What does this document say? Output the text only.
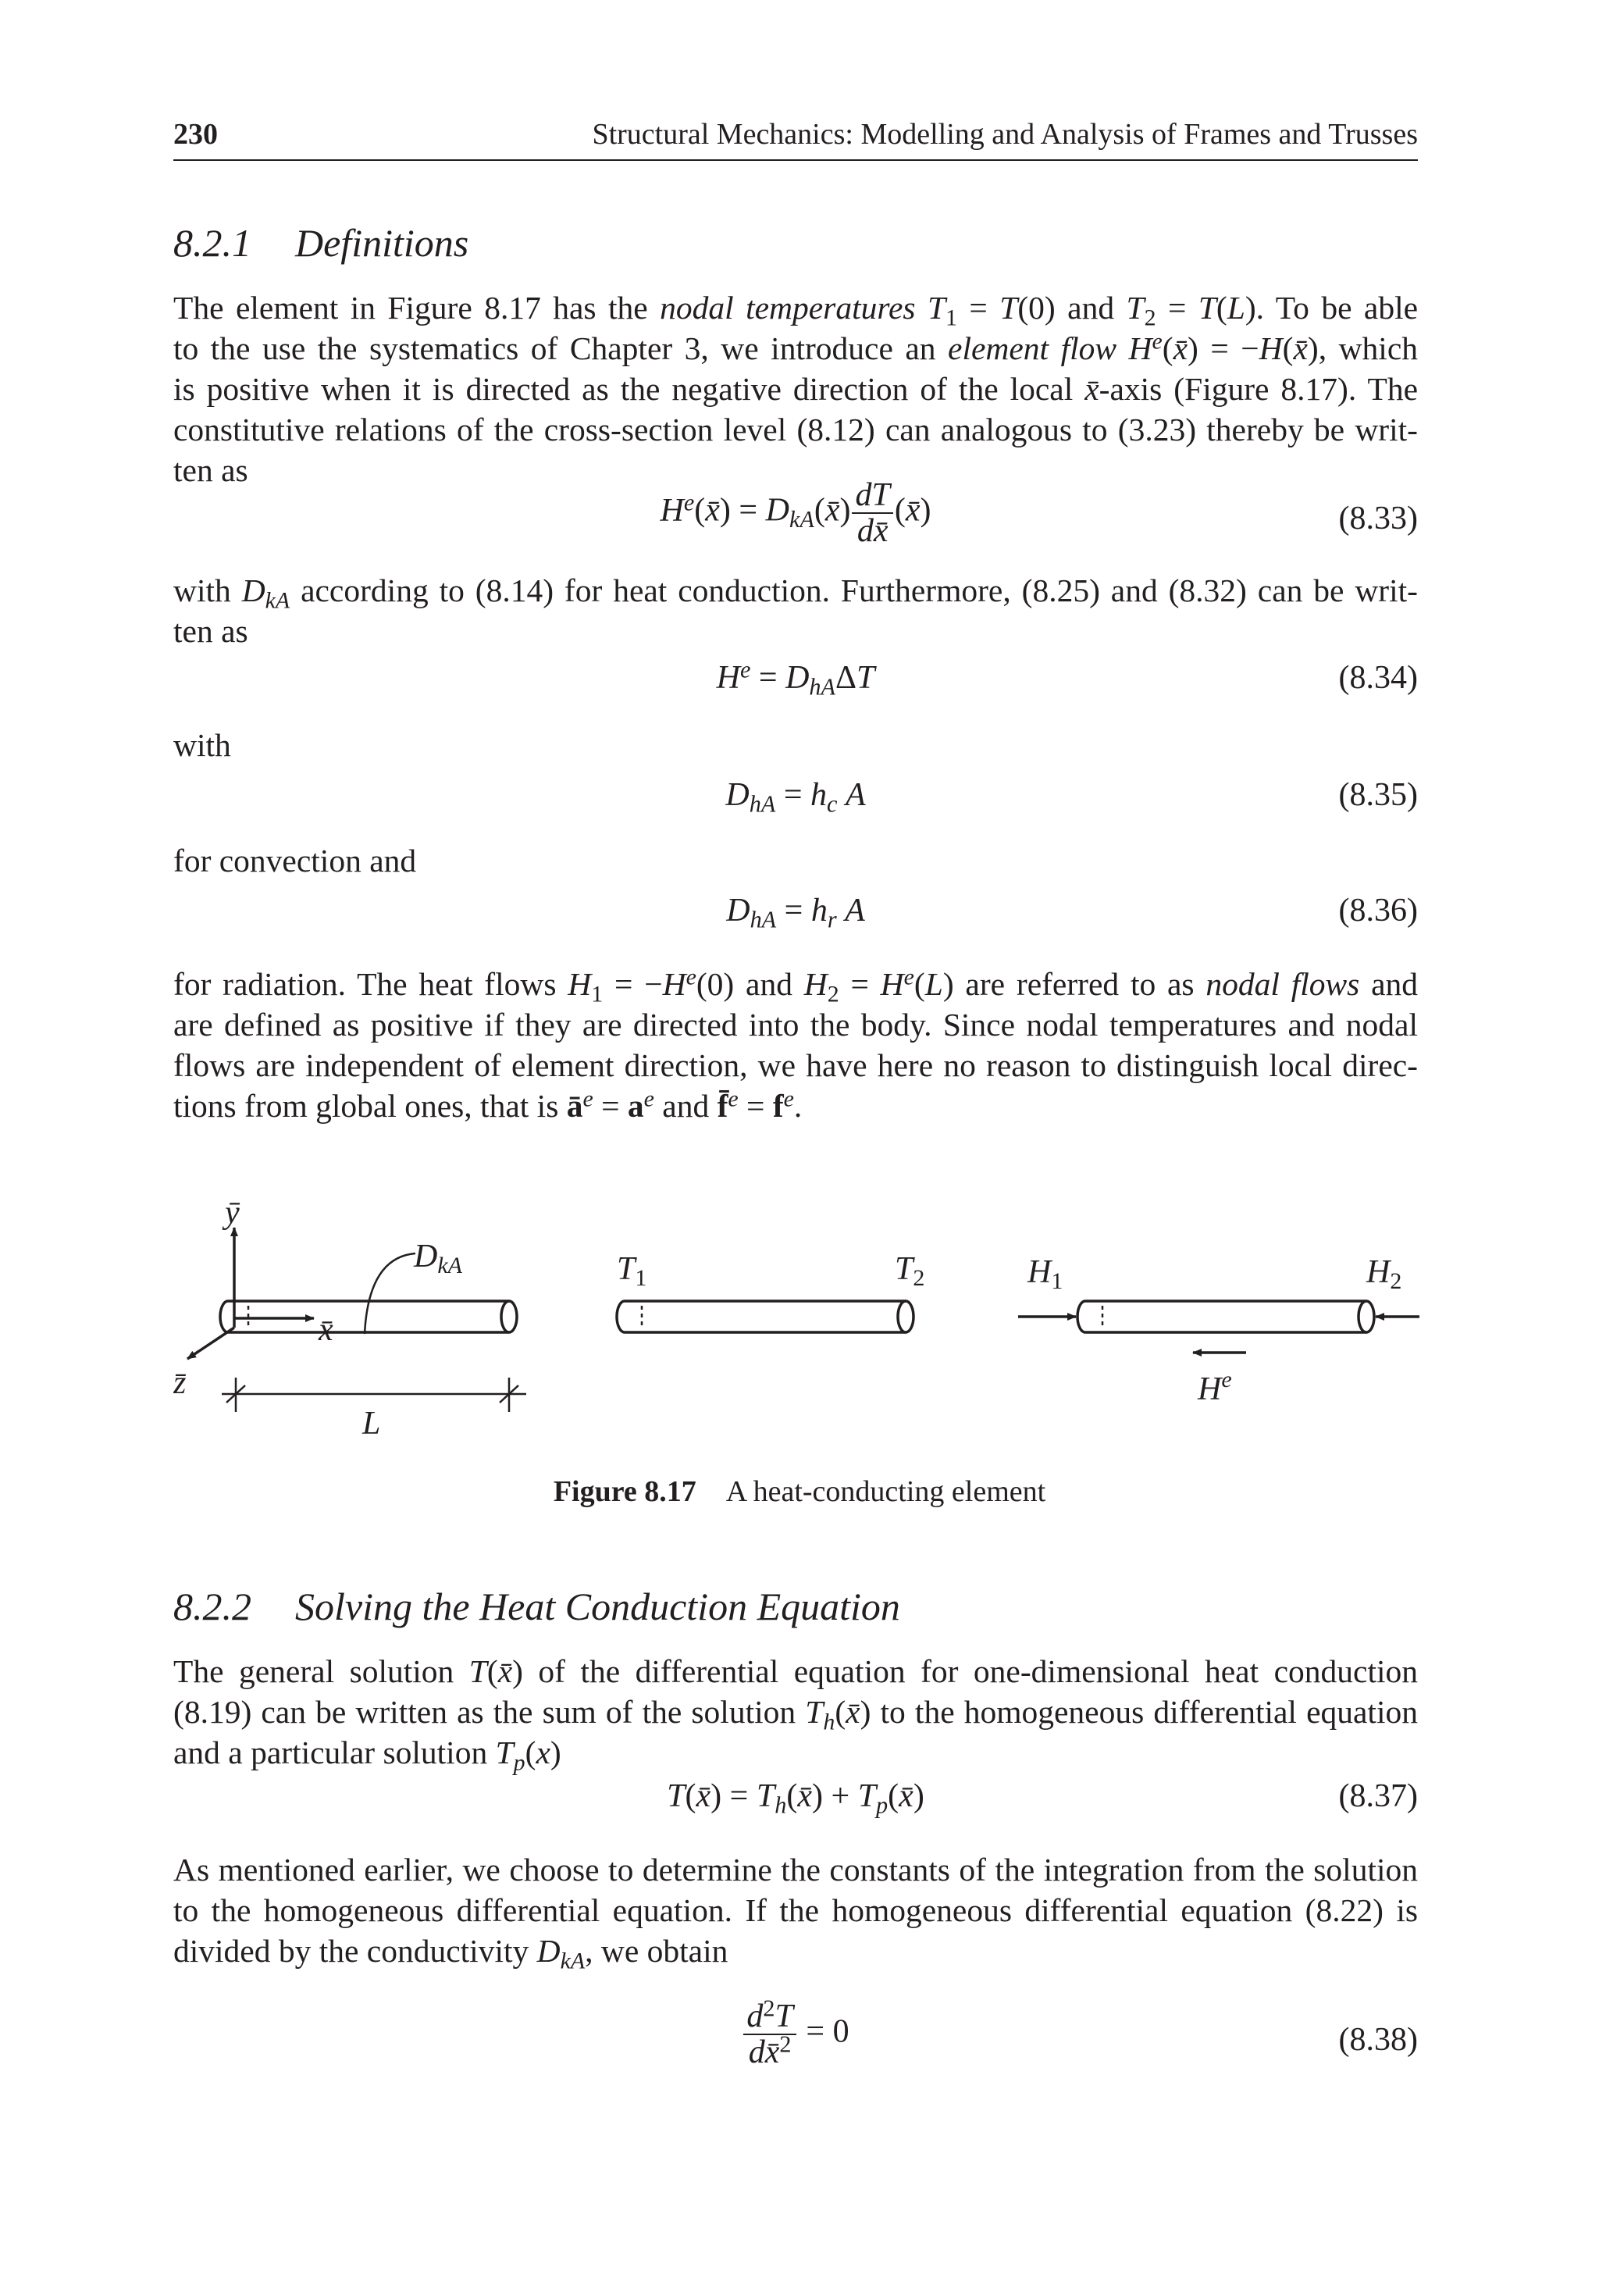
230	Structural Mechanics: Modelling and Analysis of Frames and Trusses
8.2.1 Definitions
The element in Figure 8.17 has the nodal temperatures $T_1 = T(0)$ and $T_2 = T(L)$. To be able
to the use the systematics of Chapter 3, we introduce an element flow $H^e(x̄)$ = −H(x̄), which
is positive when it is directed as the negative direction of the local x̄-axis (Figure 8.17). The
constitutive relations of the cross-section level (8.12) can analogous to (3.23) thereby be writ-
ten as
$H^e(x̄)$ = $D_{kA}(x̄) \frac{dT}{dx̄}$ (x̄)	(8.33)
with $D_{kA}$ according to (8.14) for heat conduction. Furthermore, (8.25) and (8.32) can be writ-
ten as
$H^e = D_{hA}\Delta T$	(8.34)
with
$D_{hA} = h_c$ A	(8.35)
for convection and
$D_{hA} = h_r$ A	(8.36)
for radiation. The heat flows $H_1 = -H^e(0)$ and $H_2 = H^e(L)$ are referred to as nodal flows and
are defined as positive if they are directed into the body. Since nodal temperatures and nodal
flows are independent of element direction, we have here no reason to distinguish local direc-
tions from global ones, that is $ā^e = a^e$ and f̄$^e$ = $f^e$.
ȳ
z̄
x̄
L
DkA	T1	T2	H1	H2
$H^e$
Figure 8.17 A heat-conducting element
8.2.2 Solving the Heat Conduction Equation
The general solution T(x̄) of the differential equation for one-dimensional heat conduction
(8.19) can be written as the sum of the solution $T_h(x̄)$ to the homogeneous differential equation
and a particular solution $T_p(x)$
T(x̄) = $T_h(x̄)$ + $T_p(x̄)$	(8.37)
As mentioned earlier, we choose to determine the constants of the integration from the solution
to the homogeneous differential equation. If the homogeneous differential equation (8.22) is
divided by the conductivity $D_{kA}$, we obtain
$\frac{d^2T}{dx̄^2} = 0$	(8.38)
